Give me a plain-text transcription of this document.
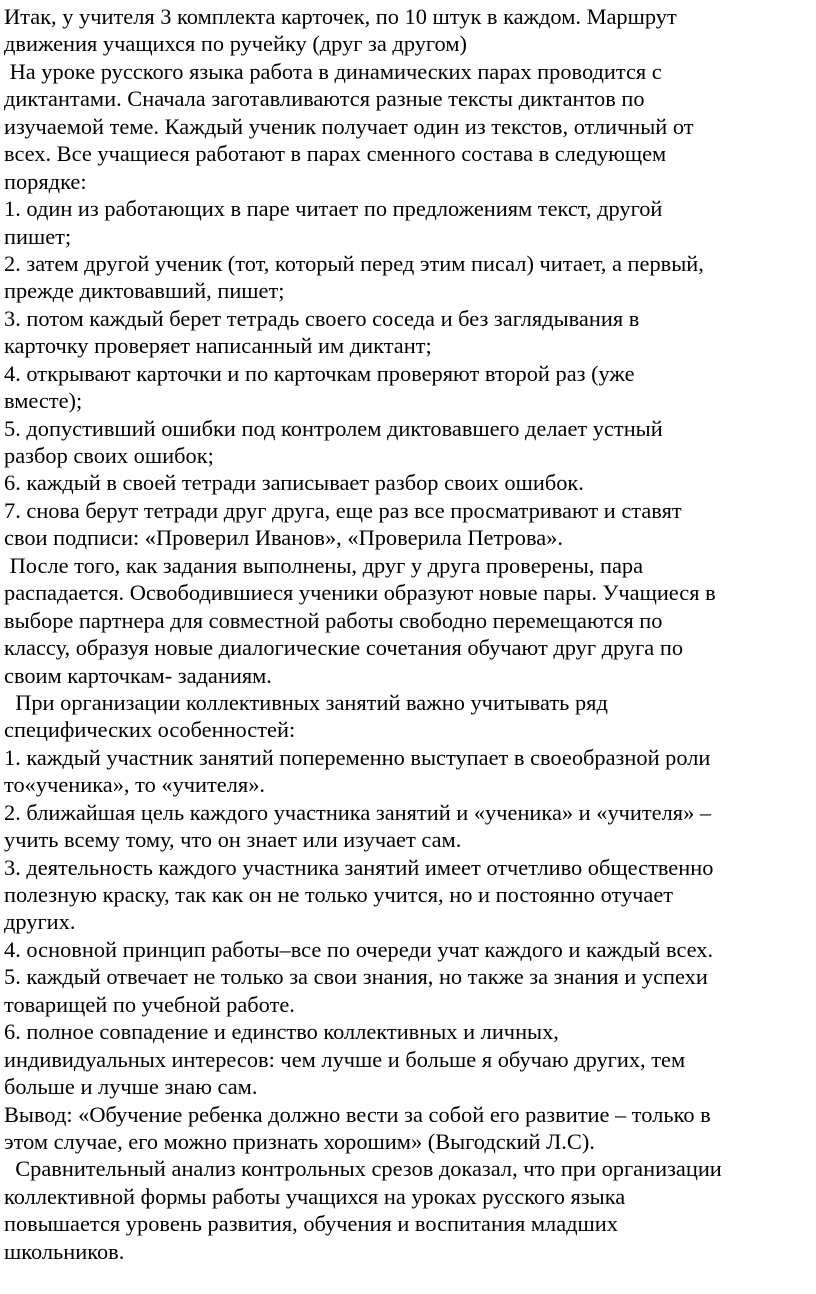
Итак, у учителя 3 комплекта карточек, по 10 штук в каждом. Маршрут
движения учащихся по ручейку (друг за другом)
На уроке русского языка работа в динамических парах проводится с
диктантами. Сначала заготавливаются разные тексты диктантов по
изучаемой теме. Каждый ученик получает один из текстов, отличный от
всех. Все учащиеся работают в парах сменного состава в следующем
порядке:
1. один из работающих в паре читает по предложениям текст, другой
пишет;
2. затем другой ученик (тот, который перед этим писал) читает, а первый,
прежде диктовавший, пишет;
3. потом каждый берет тетрадь своего соседа и без заглядывания в
карточку проверяет написанный им диктант;
4. открывают карточки и по карточкам проверяют второй раз (уже
вместе);
5. допустивший ошибки под контролем диктовавшего делает устный
разбор своих ошибок;
6. каждый в своей тетради записывает разбор своих ошибок.
7. снова берут тетради друг друга, еще раз все просматривают и ставят
свои подписи: «Проверил Иванов», «Проверила Петрова».
После того, как задания выполнены, друг у друга проверены, пара
распадается. Освободившиеся ученики образуют новые пары. Учащиеся в
выборе партнера для совместной работы свободно перемещаются по
классу, образуя новые диалогические сочетания обучают друг друга по
своим карточкам- заданиям.
При организации коллективных занятий важно учитывать ряд
специфических особенностей:
1. каждый участник занятий попеременно выступает в своеобразной роли
то«ученика», то «учителя».
2. ближайшая цель каждого участника занятий и «ученика» и «учителя» –
учить всему тому, что он знает или изучает сам.
3. деятельность каждого участника занятий имеет отчетливо общественно
полезную краску, так как он не только учится, но и постоянно отучает
других.
4. основной принцип работы–все по очереди учат каждого и каждый всех.
5. каждый отвечает не только за свои знания, но также за знания и успехи
товарищей по учебной работе.
6. полное совпадение и единство коллективных и личных,
индивидуальных интересов: чем лучше и больше я обучаю других, тем
больше и лучше знаю сам.
Вывод: «Обучение ребенка должно вести за собой его развитие – только в
этом случае, его можно признать хорошим» (Выгодский Л.С).
Сравнительный анализ контрольных срезов доказал, что при организации
коллективной формы работы учащихся на уроках русского языка
повышается уровень развития, обучения и воспитания младших
школьников.
